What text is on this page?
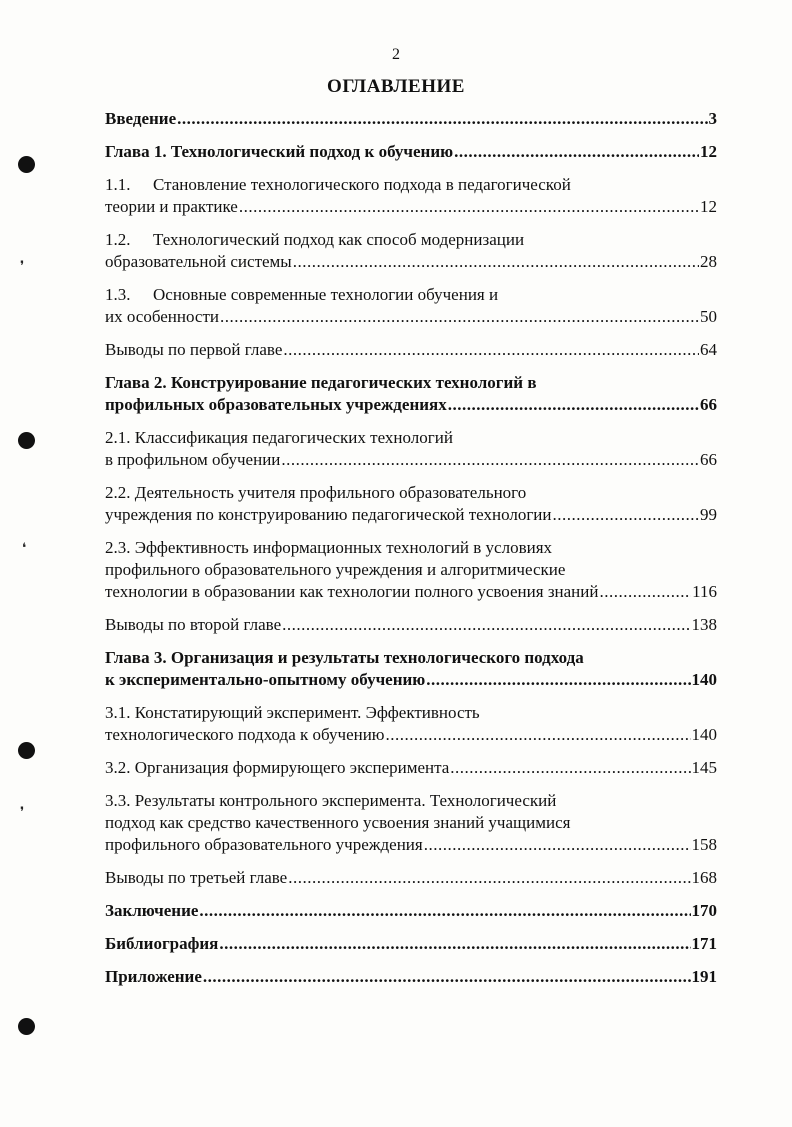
2
ОГЛАВЛЕНИЕ
Введение .....	3
Глава 1. Технологический подход к обучению .....	12
1.1.	Становление технологического подхода в педагогической
теории и практике .....	12
1.2.	Технологический подход как способ модернизации
образовательной системы .....	28
1.3.	Основные современные технологии обучения и
их особенности .....	50
Выводы по первой главе .....	64
Глава 2. Конструирование педагогических технологий в
профильных образовательных учреждениях .....	66
2.1. Классификация педагогических технологий
в профильном обучении .....	66
2.2. Деятельность учителя профильного образовательного
учреждения по конструированию педагогической технологии .....	99
2.3. Эффективность информационных технологий в условиях
профильного образовательного учреждения и алгоритмические
технологии в образовании как технологии полного усвоения знаний .....	116
Выводы по второй главе .....	138
Глава 3. Организация и результаты технологического подхода
к экспериментально-опытному обучению .....	140
3.1. Констатирующий эксперимент. Эффективность
технологического подхода к обучению .....	140
3.2. Организация формирующего эксперимента .....	145
3.3. Результаты контрольного эксперимента. Технологический
подход как средство качественного усвоения знаний учащимися
профильного образовательного учреждения .....	158
Выводы по третьей главе .....	168
Заключение .....	170
Библиография .....	171
Приложение .....	191
❜
❛
❜
